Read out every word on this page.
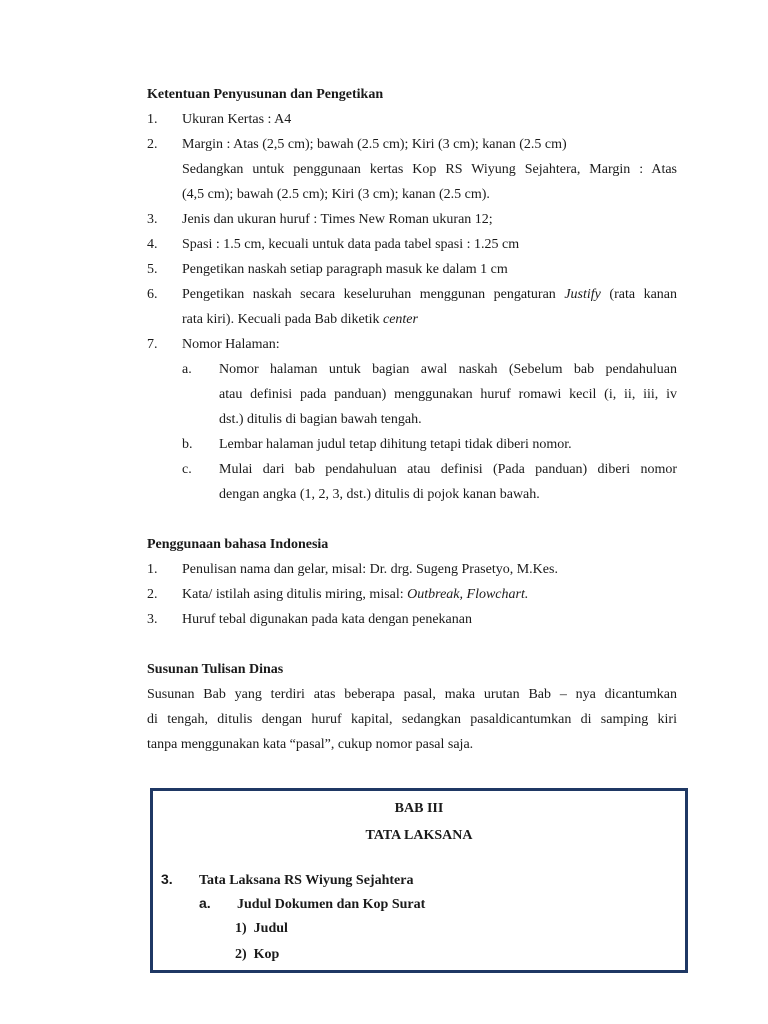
Ketentuan Penyusunan dan Pengetikan
1. Ukuran Kertas : A4
2. Margin : Atas (2,5 cm); bawah (2.5 cm); Kiri (3 cm); kanan (2.5 cm)
Sedangkan untuk penggunaan kertas Kop RS Wiyung Sejahtera, Margin : Atas
(4,5 cm); bawah (2.5 cm); Kiri (3 cm); kanan (2.5 cm).
3. Jenis dan ukuran huruf : Times New Roman ukuran 12;
4. Spasi : 1.5 cm, kecuali untuk data pada tabel spasi : 1.25 cm
5. Pengetikan naskah setiap paragraph masuk ke dalam 1 cm
6. Pengetikan naskah secara keseluruhan menggunan pengaturan Justify (rata kanan
rata kiri). Kecuali pada Bab diketik center
7. Nomor Halaman:
a. Nomor halaman untuk bagian awal naskah (Sebelum bab pendahuluan
atau definisi pada panduan) menggunakan huruf romawi kecil (i, ii, iii, iv
dst.) ditulis di bagian bawah tengah.
b. Lembar halaman judul tetap dihitung tetapi tidak diberi nomor.
c. Mulai dari bab pendahuluan atau definisi (Pada panduan) diberi nomor
dengan angka (1, 2, 3, dst.) ditulis di pojok kanan bawah.
Penggunaan bahasa Indonesia
1. Penulisan nama dan gelar, misal: Dr. drg. Sugeng Prasetyo, M.Kes.
2. Kata/ istilah asing ditulis miring, misal: Outbreak, Flowchart.
3. Huruf tebal digunakan pada kata dengan penekanan
Susunan Tulisan Dinas
Susunan Bab yang terdiri atas beberapa pasal, maka urutan Bab – nya dicantumkan
di tengah, ditulis dengan huruf kapital, sedangkan pasaldicantumkan di samping kiri
tanpa menggunakan kata “pasal”, cukup nomor pasal saja.
BAB III
TATA LAKSANA
3. Tata Laksana RS Wiyung Sejahtera
a. Judul Dokumen dan Kop Surat
1)  Judul
2)  Kop
